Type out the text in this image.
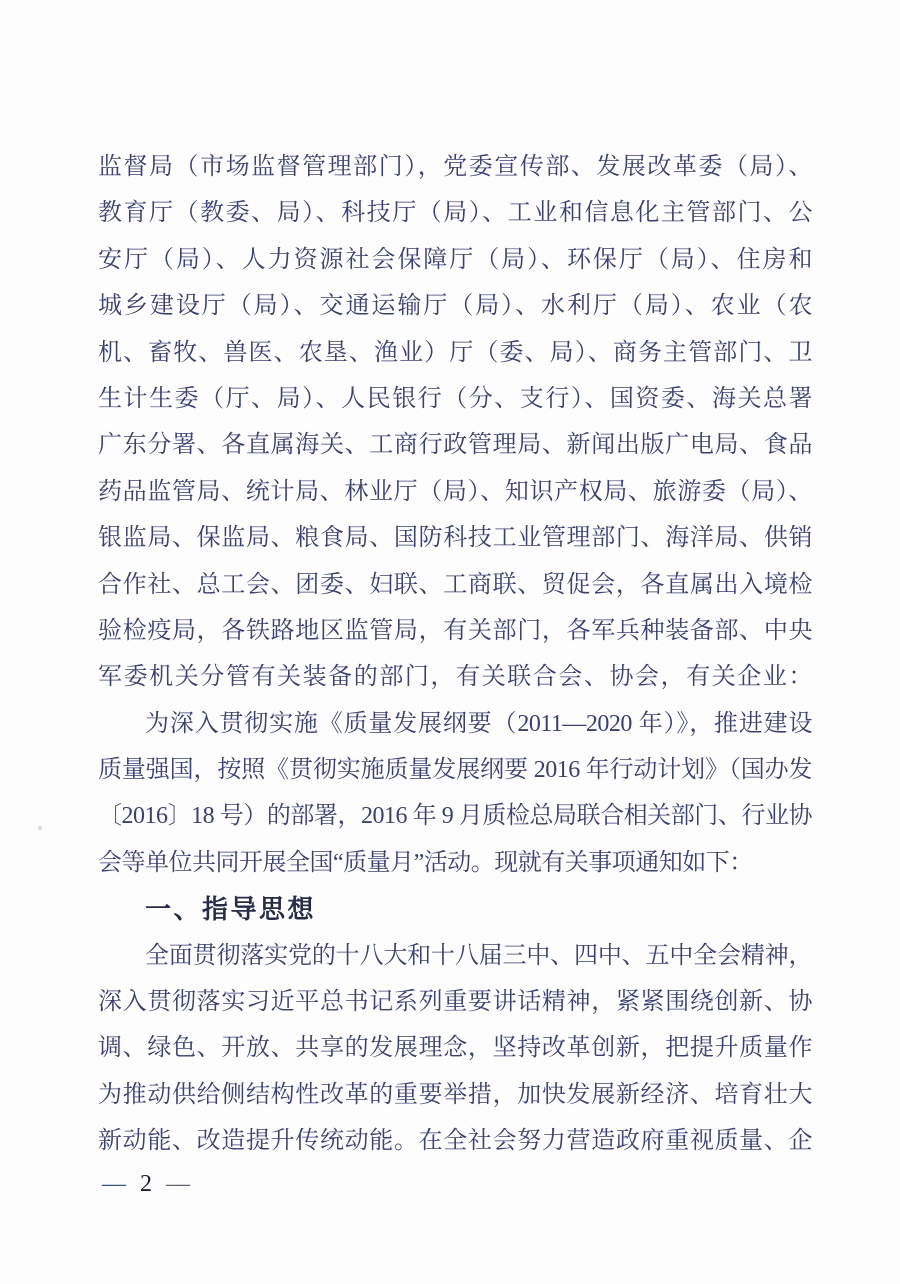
监督局（市场监督管理部门），党委宣传部、发展改革委（局）、
教育厅（教委、局）、科技厅（局）、工业和信息化主管部门、公
安厅（局）、人力资源社会保障厅（局）、环保厅（局）、住房和
城乡建设厅（局）、交通运输厅（局）、水利厅（局）、农业（农
机、畜牧、兽医、农垦、渔业）厅（委、局）、商务主管部门、卫
生计生委（厅、局）、人民银行（分、支行）、国资委、海关总署
广东分署、各直属海关、工商行政管理局、新闻出版广电局、食品
药品监管局、统计局、林业厅（局）、知识产权局、旅游委（局）、
银监局、保监局、粮食局、国防科技工业管理部门、海洋局、供销
合作社、总工会、团委、妇联、工商联、贸促会，各直属出入境检
验检疫局，各铁路地区监管局，有关部门，各军兵种装备部、中央
军委机关分管有关装备的部门，有关联合会、协会，有关企业：
为深入贯彻实施《质量发展纲要（2011—2020 年）》，推进建设
质量强国，按照《贯彻实施质量发展纲要 2016 年行动计划》（国办发
〔2016〕18 号）的部署，2016 年 9 月质检总局联合相关部门、行业协
会等单位共同开展全国“质量月”活动。现就有关事项通知如下：
一、指导思想
全面贯彻落实党的十八大和十八届三中、四中、五中全会精神，
深入贯彻落实习近平总书记系列重要讲话精神，紧紧围绕创新、协
调、绿色、开放、共享的发展理念，坚持改革创新，把提升质量作
为推动供给侧结构性改革的重要举措，加快发展新经济、培育壮大
新动能、改造提升传统动能。在全社会努力营造政府重视质量、企
— 2 —
